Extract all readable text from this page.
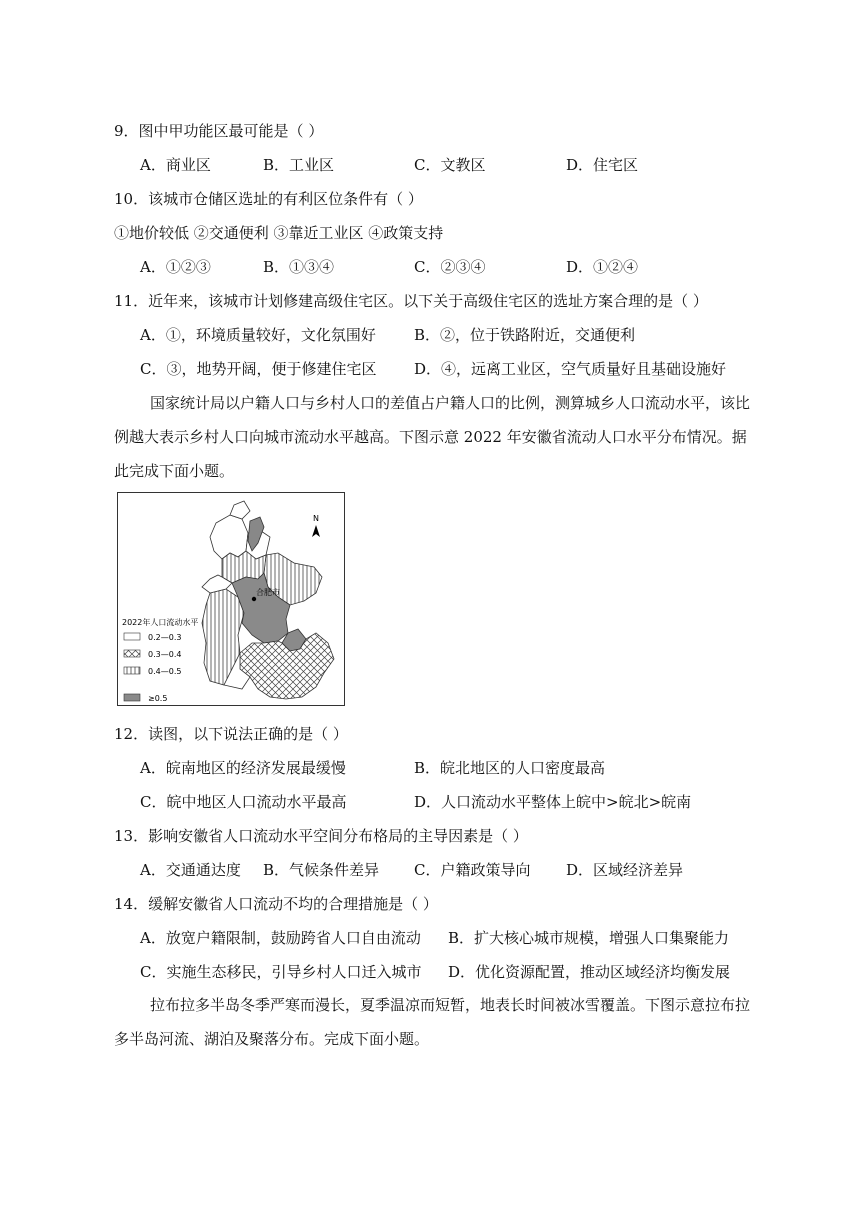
9．图中甲功能区最可能是（ ）
A．商业区	B．工业区	C．文教区	D．住宅区
10．该城市仓储区选址的有利区位条件有（ ）
①地价较低 ②交通便利 ③靠近工业区 ④政策支持
A．①②③	B．①③④	C．②③④	D．①②④
11．近年来，该城市计划修建高级住宅区。以下关于高级住宅区的选址方案合理的是（ ）
A．①，环境质量较好，文化氛围好	B．②，位于铁路附近，交通便利
C．③，地势开阔，便于修建住宅区	D．④，远离工业区，空气质量好且基础设施好

国家统计局以户籍人口与乡村人口的差值占户籍人口的比例，测算城乡人口流动水平，该比例越大表示乡村人口向城市流动水平越高。下图示意 2022 年安徽省流动人口水平分布情况。据此完成下面小题。

合肥市
N
2022年人口流动水平
0.2—0.3
0.3—0.4
0.4—0.5
≥0.5
12．读图，以下说法正确的是（ ）
A．皖南地区的经济发展最缓慢	B．皖北地区的人口密度最高
C．皖中地区人口流动水平最高	D．人口流动水平整体上皖中>皖北>皖南
13．影响安徽省人口流动水平空间分布格局的主导因素是（ ）
A．交通通达度 B．气候条件差异 C．户籍政策导向 D．区域经济差异
14．缓解安徽省人口流动不均的合理措施是（ ）
A．放宽户籍限制，鼓励跨省人口自由流动 B．扩大核心城市规模，增强人口集聚能力
C．实施生态移民，引导乡村人口迁入城市 D．优化资源配置，推动区域经济均衡发展

拉布拉多半岛冬季严寒而漫长，夏季温凉而短暂，地表长时间被冰雪覆盖。下图示意拉布拉多半岛河流、湖泊及聚落分布。完成下面小题。
